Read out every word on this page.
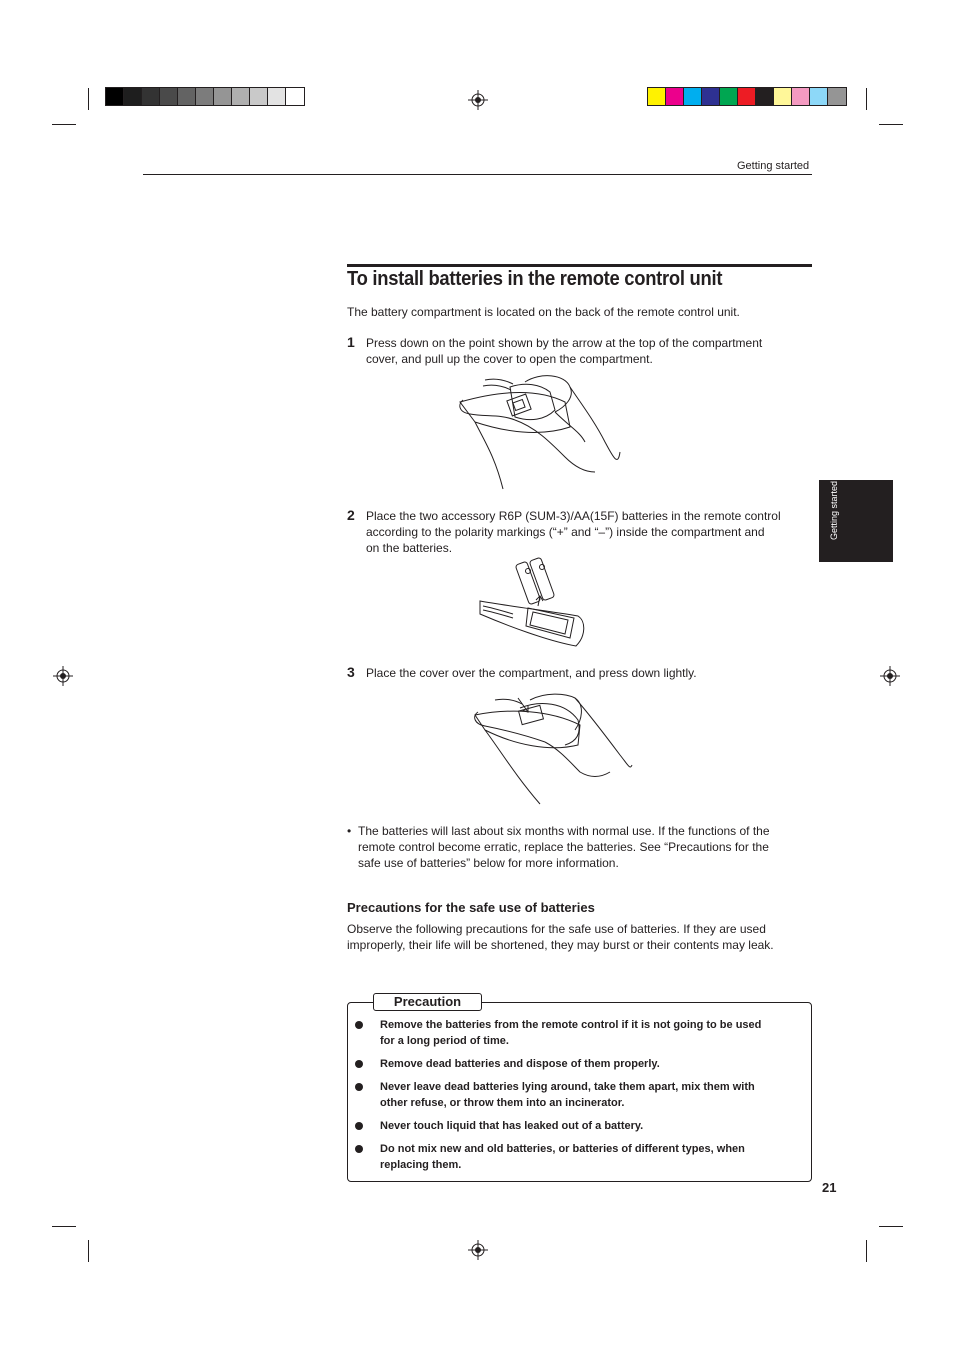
Getting started
Getting started
To install batteries in the remote control unit
The battery compartment is located on the back of the remote control unit.
1 Press down on the point shown by the arrow at the top of the compartment
cover, and pull up the cover to open the compartment.
2 Place the two accessory R6P (SUM-3)/AA(15F) batteries in the remote control
according to the polarity markings (“+” and “–”) inside the compartment and
on the batteries.
3 Place the cover over the compartment, and press down lightly.
• The batteries will last about six months with normal use. If the functions of the
remote control become erratic, replace the batteries. See “Precautions for the
safe use of batteries” below for more information.
Precautions for the safe use of batteries
Observe the following precautions for the safe use of batteries. If they are used
improperly, their life will be shortened, they may burst or their contents may leak.
Precaution
Remove the batteries from the remote control if it is not going to be used
for a long period of time.
Remove dead batteries and dispose of them properly.
Never leave dead batteries lying around, take them apart, mix them with
other refuse, or throw them into an incinerator.
Never touch liquid that has leaked out of a battery.
Do not mix new and old batteries, or batteries of different types, when
replacing them.
21
